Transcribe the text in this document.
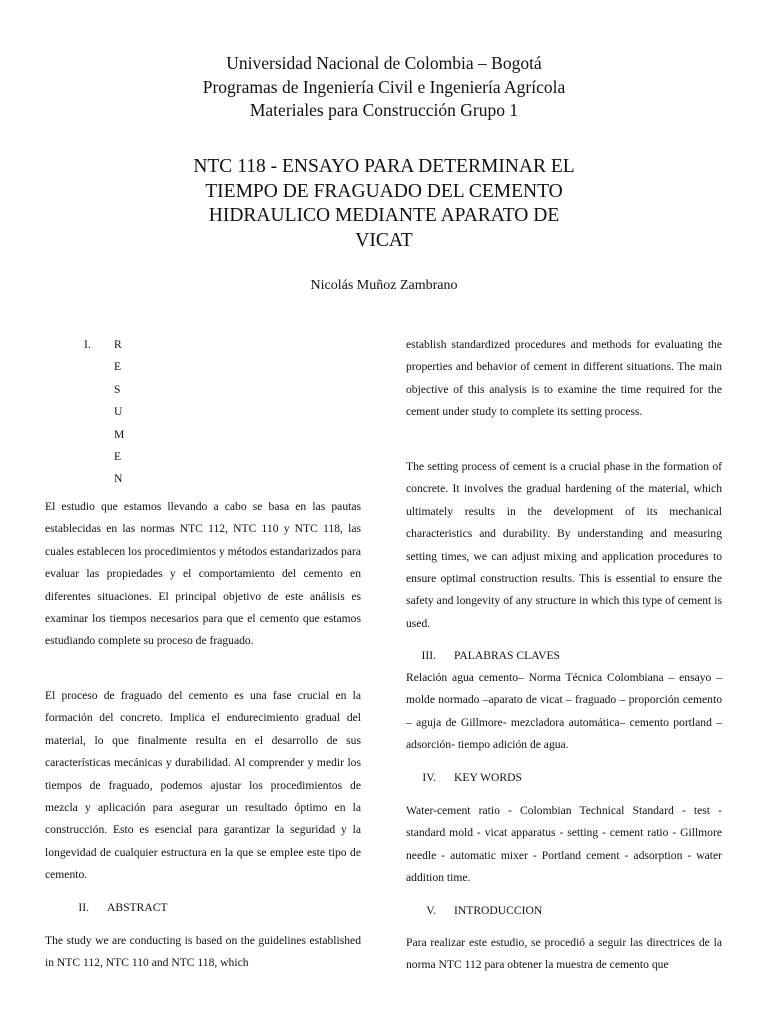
Universidad Nacional de Colombia – Bogotá
Programas de Ingeniería Civil e Ingeniería Agrícola
Materiales para Construcción Grupo 1
NTC 118 - ENSAYO PARA DETERMINAR EL
TIEMPO DE FRAGUADO DEL CEMENTO
HIDRAULICO MEDIANTE APARATO DE
VICAT
Nicolás Muñoz Zambrano
I. R
E
S
U
M
E
N

El estudio que estamos llevando a cabo se basa en las pautas establecidas en las normas NTC 112, NTC 110 y NTC 118, las cuales establecen los procedimientos y métodos estandarizados para evaluar las propiedades y el comportamiento del cemento en diferentes situaciones. El principal objetivo de este análisis es examinar los tiempos necesarios para que el cemento que estamos estudiando complete su proceso de fraguado.

El proceso de fraguado del cemento es una fase crucial en la formación del concreto. Implica el endurecimiento gradual del material, lo que finalmente resulta en el desarrollo de sus características mecánicas y durabilidad. Al comprender y medir los tiempos de fraguado, podemos ajustar los procedimientos de mezcla y aplicación para asegurar un resultado óptimo en la construcción. Esto es esencial para garantizar la seguridad y la longevidad de cualquier estructura en la que se emplee este tipo de cemento.

II. ABSTRACT

The study we are conducting is based on the guidelines established in NTC 112, NTC 110 and NTC 118, which

establish standardized procedures and methods for evaluating the properties and behavior of cement in different situations. The main objective of this analysis is to examine the time required for the cement under study to complete its setting process.

The setting process of cement is a crucial phase in the formation of concrete. It involves the gradual hardening of the material, which ultimately results in the development of its mechanical characteristics and durability. By understanding and measuring setting times, we can adjust mixing and application procedures to ensure optimal construction results. This is essential to ensure the safety and longevity of any structure in which this type of cement is used.

III. PALABRAS CLAVES

Relación agua cemento– Norma Técnica Colombiana – ensayo – molde normado –aparato de vicat – fraguado – proporción cemento – aguja de Gillmore- mezcladora automática– cemento portland – adsorción- tiempo adición de agua.

IV. KEY WORDS

Water-cement ratio - Colombian Technical Standard - test - standard mold - vicat apparatus - setting - cement ratio - Gillmore needle - automatic mixer - Portland cement - adsorption - water addition time.

V. INTRODUCCION

Para realizar este estudio, se procedió a seguir las directrices de la norma NTC 112 para obtener la muestra de cemento que
